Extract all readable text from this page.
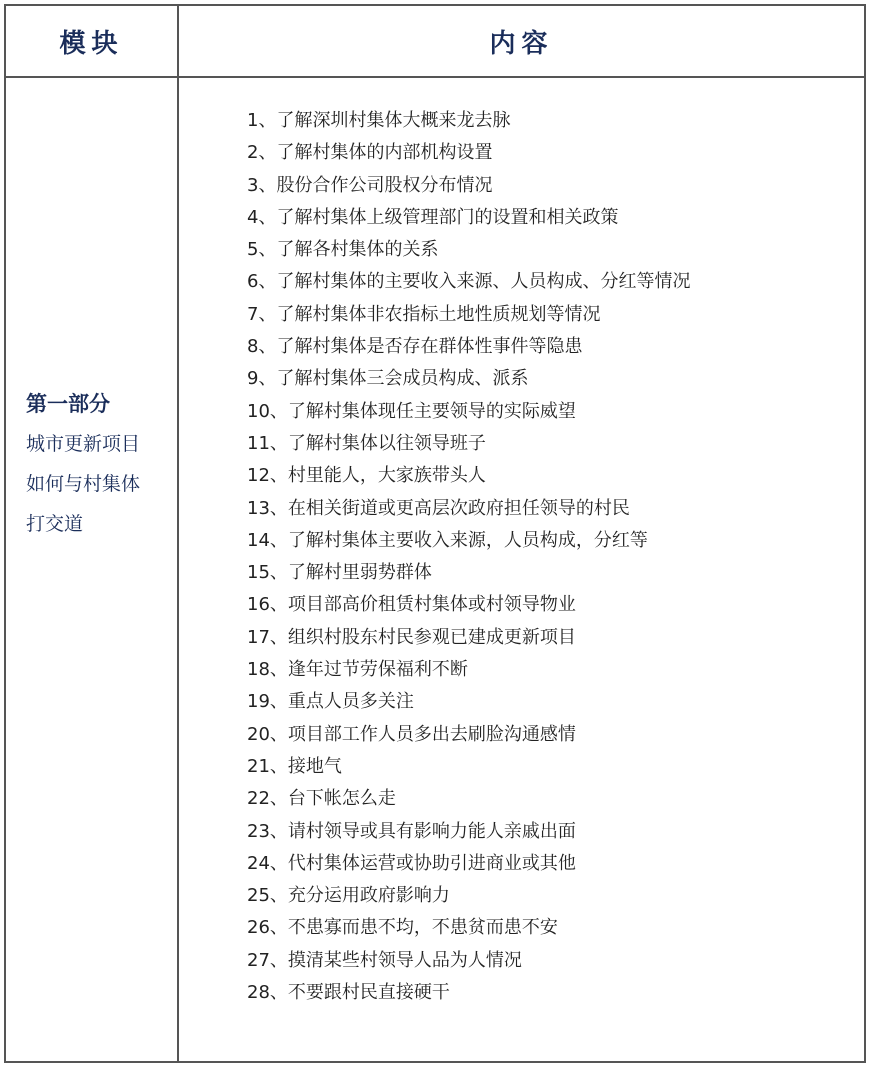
模块	内容

第一部分

城市更新项目

如何与村集体

打交道

1、了解深圳村集体大概来龙去脉
2、了解村集体的内部机构设置
3、股份合作公司股权分布情况
4、了解村集体上级管理部门的设置和相关政策
5、了解各村集体的关系
6、了解村集体的主要收入来源、人员构成、分红等情况
7、了解村集体非农指标土地性质规划等情况
8、了解村集体是否存在群体性事件等隐患
9、了解村集体三会成员构成、派系
10、了解村集体现任主要领导的实际威望
11、了解村集体以往领导班子
12、村里能人，大家族带头人
13、在相关街道或更高层次政府担任领导的村民
14、了解村集体主要收入来源，人员构成，分红等
15、了解村里弱势群体
16、项目部高价租赁村集体或村领导物业
17、组织村股东村民参观已建成更新项目
18、逢年过节劳保福利不断
19、重点人员多关注
20、项目部工作人员多出去刷脸沟通感情
21、接地气
22、台下帐怎么走
23、请村领导或具有影响力能人亲戚出面
24、代村集体运营或协助引进商业或其他
25、充分运用政府影响力
26、不患寡而患不均，不患贫而患不安
27、摸清某些村领导人品为人情况
28、不要跟村民直接硬干
